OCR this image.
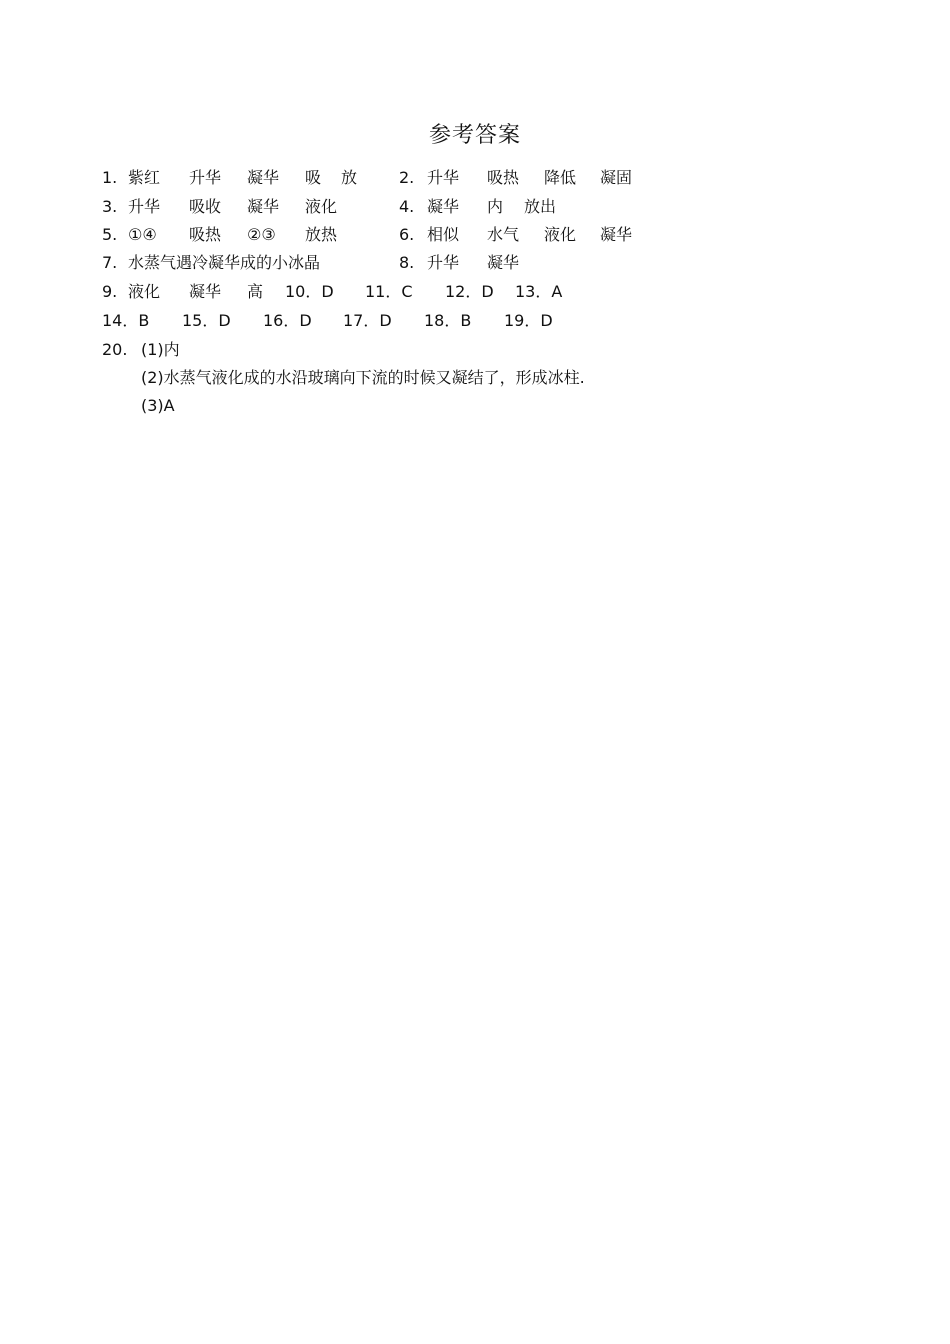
参考答案
1. 紫红 升华 凝华 吸 放	2. 升华 吸热 降低 凝固
3. 升华 吸收 凝华 液化	4. 凝华 内 放出
5. ①④ 吸热 ②③ 放热	6. 相似 水气 液化 凝华
7. 水蒸气遇冷凝华成的小冰晶	8. 升华 凝华
9. 液化 凝华 高 10．D 11．C 12．D 13．A
14．B 15．D 16．D 17．D 18．B 19．D
20. (1)内
(2)水蒸气液化成的水沿玻璃向下流的时候又凝结了，形成冰柱.
(3)A
